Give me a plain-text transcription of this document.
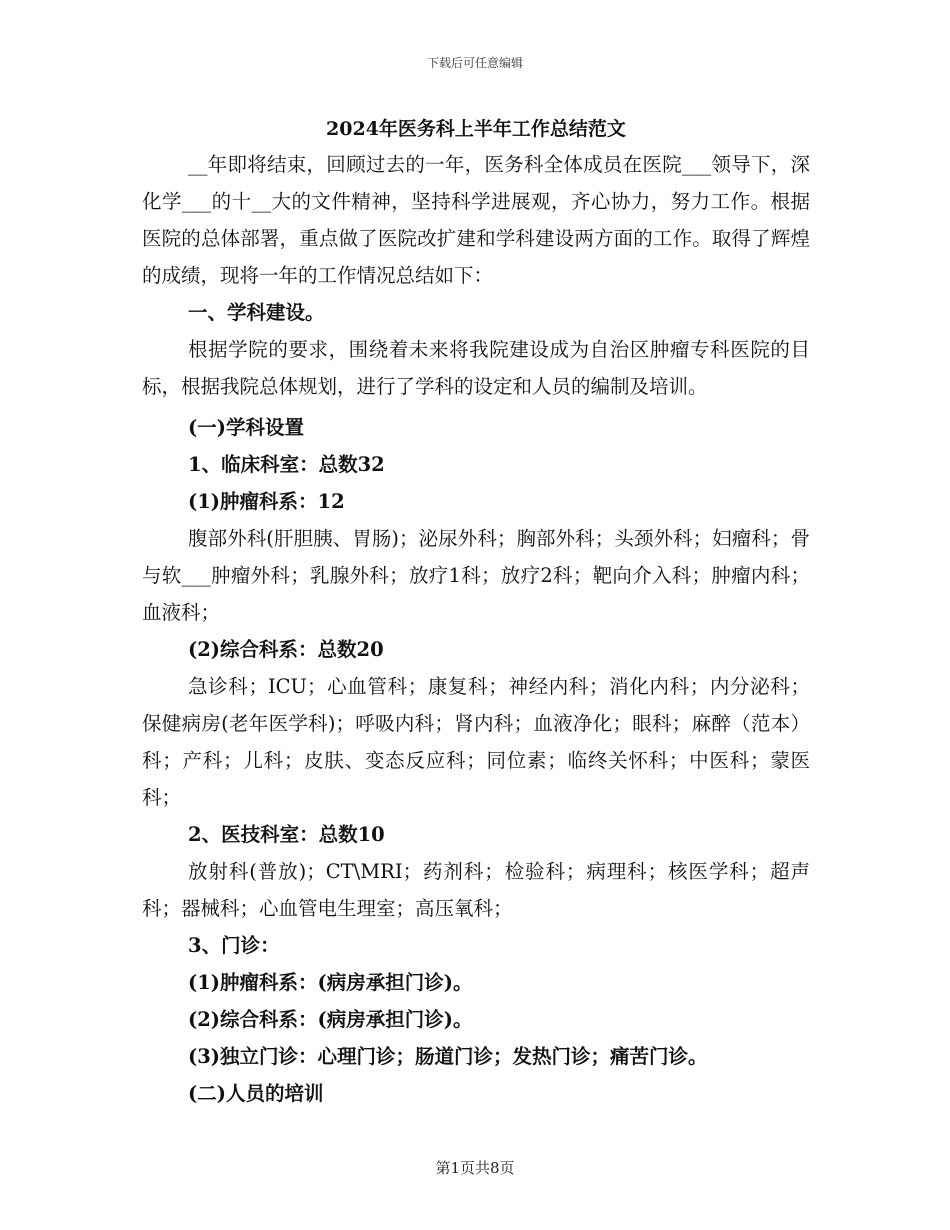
下载后可任意编辑
2024年医务科上半年工作总结范文

__年即将结束，回顾过去的一年，医务科全体成员在医院___领导下，深化学___的十__大的文件精神，坚持科学进展观，齐心协力，努力工作。根据医院的总体部署，重点做了医院改扩建和学科建设两方面的工作。取得了辉煌的成绩，现将一年的工作情况总结如下：

一、学科建设。

根据学院的要求，围绕着未来将我院建设成为自治区肿瘤专科医院的目标，根据我院总体规划，进行了学科的设定和人员的编制及培训。

(一)学科设置

1、临床科室：总数32

(1)肿瘤科系：12

腹部外科(肝胆胰、胃肠)；泌尿外科；胸部外科；头颈外科；妇瘤科；骨与软___肿瘤外科；乳腺外科；放疗1科；放疗2科；靶向介入科；肿瘤内科；血液科；

(2)综合科系：总数20

急诊科；ICU；心血管科；康复科；神经内科；消化内科；内分泌科；保健病房(老年医学科)；呼吸内科；肾内科；血液净化；眼科；麻醉（范本）科；产科；儿科；皮肤、变态反应科；同位素；临终关怀科；中医科；蒙医科；

2、医技科室：总数10

放射科(普放)；CT\MRI；药剂科；检验科；病理科；核医学科；超声科；器械科；心血管电生理室；高压氧科；

3、门诊：

(1)肿瘤科系：(病房承担门诊)。

(2)综合科系：(病房承担门诊)。

(3)独立门诊：心理门诊；肠道门诊；发热门诊；痛苦门诊。

(二)人员的培训

第1页共8页
